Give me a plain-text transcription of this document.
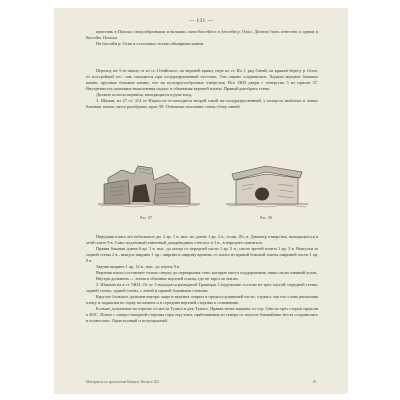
— 131 —
пристань в Плиска; сводообразными и валками, пяти бассейн и в бассейн р. Осио. Должно быть отнесено к одним и бассейн. Плиска.
На бассейн р. Осио в остальных только обширные камни.
Переход же 5 из заказу от из ст. Гетайского, по верхней кряжу, пере по ст. Их 1. ряд Гинай, на кряжев берегу р. Осио, от постройкой его, сам, находится при полуразрушенный пустошь. Эти оправе сохранилась. Ходили верхние боковые камни, крупные боковые камни, что на полукругообразные отверстия. Все 1Ю5 двери с отверстия 5 из присев 37. Внутренность пальмина выполнения подчас в обмазаная верхней плиты. Правый разобрать стена.
Должно полосы кирпича, находящиеся в руке вход.
3. Шаман, из 27 ст. 313 от Ищата из-за находится второй такой же полуразрушенный, у которого выбитые и левые боковые плиты чисто разобраны, прис 58. Основные половина стены сбоку ничей.
Рис. 97.	Рис. 98.
Передняя плита это небольшое дм. 2 ар. 1 в. выс. по длине 1 ар. 3 в., толщ. 4⅔, в. Диаметр отверстия, находящегося в этой плите 9 в. Само подземный каменный дождевидных стен кос в 1 в., в переднее скатиться.
Правая боковая длина 6 ар. 1 в. выс. до конца от передней части 1 ар. 5 в.; около третей плиты 1 ар. 5 в. Выпуски за задней стены 2 в., выпуск ширина 1 ар.; ширина в ширину вровень со плита из правой боковой плиты шириной части 1 ар. 9 в.
Задняя ширине 1 ар. 12 в., выс. до плиты 9 в.
Верхняя плита составляет только сверху до перекрытия стен, которые могут поддерживать лишь своих нижний углов.
Внутри дольмена — земля в обычные верхней плиты, где не заросла землю.
3. Шамана на в ст. 5ЮЗ. От ст. 5 находится разводной Трапеция. Сооружение состоит из трёх частей: передней стены, задней стены, задней стены, с левой и правой боковыми стенами.
Круглое большое дольмен внутри чаще в верхних открыт в предпослужившей части, служил, так что слово раскопана плиту и подкопки во горку на камень и в середине верхней стороны к основанию.
Больше дольменов на отрезке от места Туапсе в рек Туапсе. Правая ветвь направо от гор. Они из трёх сторон прошли к Ю/С. Новое с северо-западной стороны горы над этим, приближения из севера от полосы ближайшие места сохранились в полностью. Один полный и полузарытый.
Материалы по археологии Кавказа. Выпуск XII.	18
